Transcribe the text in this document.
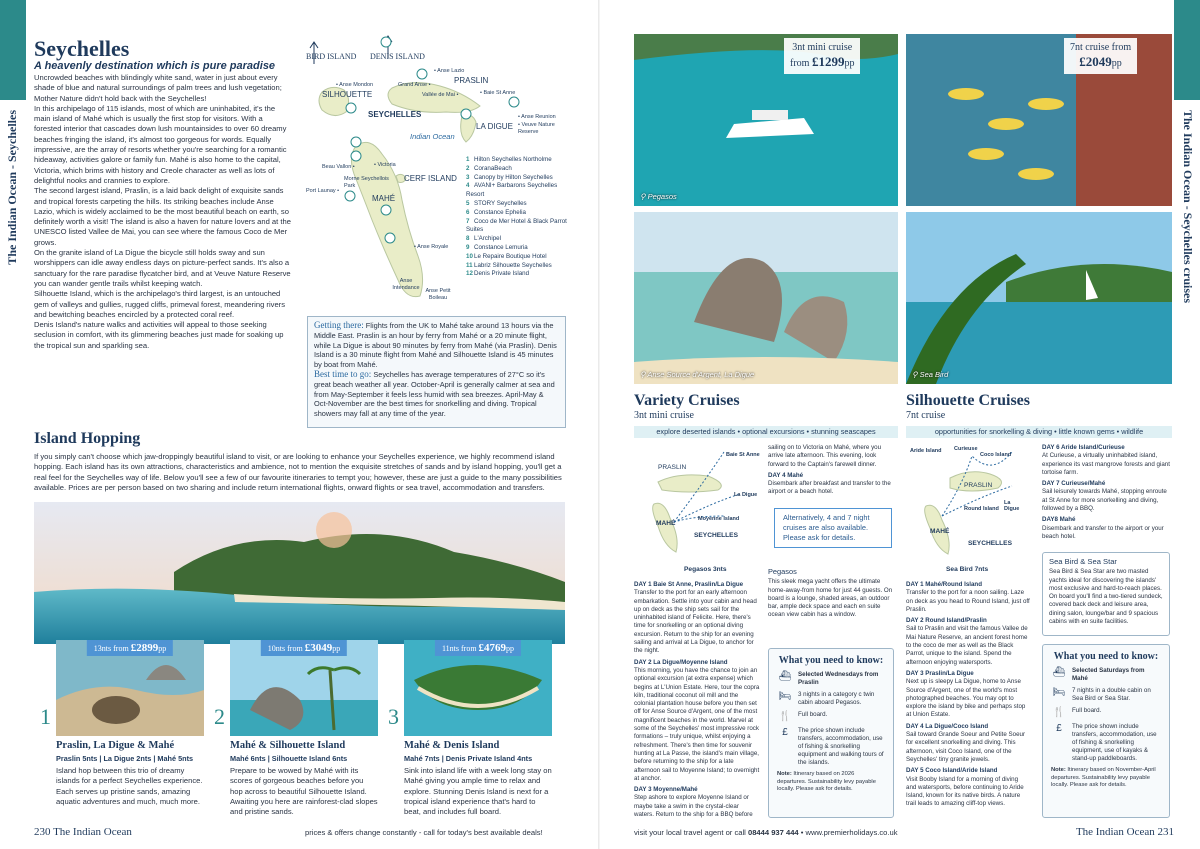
The Indian Ocean - Seychelles
Seychelles
A heavenly destination which is pure paradise

Uncrowded beaches with blindingly white sand, water in just about every shade of blue and natural surroundings of palm trees and lush vegetation; Mother Nature didn't hold back with the Seychelles!

In this archipelago of 115 islands, most of which are uninhabited, it's the main island of Mahé which is usually the first stop for visitors. With a forested interior that cascades down lush mountainsides to over 60 dreamy beaches fringing the island, it's almost too gorgeous for words. Equally impressive, are the array of resorts whether you're searching for a romantic hideaway, activities galore or family fun. Mahé is also home to the capital, Victoria, which brims with history and Creole character as well as lots of delightful nooks and crannies to explore.

The second largest island, Praslin, is a laid back delight of exquisite sands and tropical forests carpeting the hills. Its striking beaches include Anse Lazio, which is widely acclaimed to be the most beautiful beach on earth, so definitely worth a visit! The island is also a haven for nature lovers and at the UNESCO listed Vallee de Mai, you can see where the famous Coco de Mer grows.

On the granite island of La Digue the bicycle still holds sway and sun worshippers can idle away endless days on picture-perfect sands. It's also a sanctuary for the rare paradise flycatcher bird, and at Veuve Nature Reserve you can wander gentle trails whilst keeping watch.

Silhouette Island, which is the archipelago's third largest, is an untouched gem of valleys and gullies, rugged cliffs, primeval forest, meandering rivers and bewitching beaches encircled by a protected coral reef.

Denis Island's nature walks and activities will appeal to those seeking seclusion in comfort, with its glimmering beaches just made for soaking up the tropical sun and sparkling sea.

BIRD ISLAND DENIS ISLAND
SILHOUETTE
PRASLIN
SEYCHELLES
Indian Ocean
LA DIGUE
CERF ISLAND
MAHÉ
• Anse Mondon
• Anse Lazio
Grand Anse •
Vallée de Mai •	• Baie St Anne
• Anse Reunion
• Veuve Nature Reserve
Beau Vallon •	• Victoria
Morne Seychellois Park
Port Launay •
• Anse Royale
Anse Intendance	Anse Petit Boileau
1 Hilton Seychelles Northolme
2 CoranaBeach
3 Canopy by Hilton Seychelles
4 AVANI+ Barbarons Seychelles Resort
5 STORY Seychelles
6 Constance Ephelia
7 Coco de Mer Hotel & Black Parrot Suites
8 L'Archipel
9 Constance Lemuria
10Le Repaire Boutique Hotel
11Labriz Silhouette Seychelles
12Denis Private Island
Getting there: Flights from the UK to Mahé take around 13 hours via the Middle East. Praslin is an hour by ferry from Mahé or a 20 minute flight, while La Digue is about 90 minutes by ferry from Mahé (via Praslin). Denis Island is a 30 minute flight from Mahé and Silhouette Island is 45 minutes by boat from Mahé.
Best time to go: Seychelles has average temperatures of 27°C so it's great beach weather all year. October-April is generally calmer at sea and from May-September it feels less humid with sea breezes. April-May & Oct-November are the best times for snorkelling and diving. Tropical showers may fall at any time of the year.
Island Hopping
If you simply can't choose which jaw-droppingly beautiful island to visit, or are looking to enhance your Seychelles experience, we highly recommend island hopping. Each island has its own attractions, characteristics and ambience, not to mention the exquisite stretches of sands and by island hopping, you'll get a real feel for the Seychelles way of life. Below you'll see a few of our favourite itineraries to tempt you; however, these are just a guide to the many possibilities available. Prices are per person based on two sharing and include return international flights, onward flights or sea travel, accommodation and transfers.
13nts from £2899pp
1
Praslin, La Digue & Mahé
Praslin 5nts | La Digue 2nts | Mahé 5nts
Island hop between this trio of dreamy islands for a perfect Seychelles experience. Each serves up pristine sands, amazing aquatic adventures and much, much more.
10nts from £3049pp
2
Mahé & Silhouette Island
Mahé 6nts | Silhouette Island 6nts
Prepare to be wowed by Mahé with its scores of gorgeous beaches before you hop across to beautiful Silhouette Island. Awaiting you here are rainforest-clad slopes and pristine sands.
11nts from £4769pp
3
Mahé & Denis Island
Mahé 7nts | Denis Private Island 4nts
Sink into island life with a week long stay on Mahé giving you ample time to relax and explore. Stunning Denis Island is next for a tropical island experience that's hard to beat, and includes full board.
230 The Indian Ocean	prices & offers change constantly - call for today's best available deals!
The Indian Ocean - Seychelles cruises
3nt mini cruise
from £1299pp
⚲ Pegasos
7nt cruise from
£2049pp
⚲ Anse Source d'Argent, La Digue	⚲ Sea Bird
Variety Cruises
3nt mini cruise
explore deserted islands • optional excursions • stunning seascapes
PRASLIN
Baie St Anne
La Digue
MAHÉ
Moyenne Island
SEYCHELLES
Pegasos 3nts
DAY 1 Baie St Anne, Praslin/La Digue
Transfer to the port for an early afternoon embarkation. Settle into your cabin and head up on deck as the ship sets sail for the uninhabited island of Felicite. Here, there's time for snorkelling or an optional diving excursion. Return to the ship for an evening sailing and arrival at La Digue, to anchor for the night.
DAY 2 La Digue/Moyenne Island
This morning, you have the chance to join an optional excursion (at extra expense) which begins at L'Union Estate. Here, tour the copra kiln, traditional coconut oil mill and the colonial plantation house before you then set off for Anse Source d'Argent, one of the most magnificent beaches in the world. Marvel at some of the Seychelles' most impressive rock formations – truly unique, whilst enjoying a refreshment. There's then time for souvenir hunting at La Passe, the island's main village, before returning to the ship for a late afternoon sail to Moyenne Island; to overnight at anchor.
DAY 3 Moyenne/Mahé
Step ashore to explore Moyenne Island or maybe take a swim in the crystal-clear waters. Return to the ship for a BBQ before
sailing on to Victoria on Mahé, where you arrive late afternoon. This evening, look forward to the Captain's farewell dinner.
DAY 4 Mahé
Disembark after breakfast and transfer to the airport or a beach hotel.
Alternatively, 4 and 7 night cruises are also available. Please ask for details.
Pegasos
This sleek mega yacht offers the ultimate home-away-from home for just 44 guests. On board is a lounge, shaded areas, an outdoor bar, ample deck space and each en suite ocean view cabin has a window.
What you need to know:
⛴ Selected Wednesdays from Praslin
🛏 3 nights in a category c twin cabin aboard Pegasos.
🍴 Full board.
£	The price shown include transfers, accommodation, use of fishing & snorkelling equipment and walking tours of the islands.
Note: Itinerary based on 2026 departures. Sustainability levy payable locally. Please ask for details.
Silhouette Cruises
7nt cruise
opportunities for snorkelling & diving • little known gems • wildlife
Aride Island Curieuse
Coco Island
PRASLIN
Round Island
La Digue
MAHÉ
SEYCHELLES
Sea Bird 7nts
DAY 1 Mahé/Round Island
Transfer to the port for a noon sailing. Laze on deck as you head to Round Island, just off Praslin.
DAY 2 Round Island/Praslin
Sail to Praslin and visit the famous Vallee de Mai Nature Reserve, an ancient forest home to the coco de mer as well as the Black Parrot, unique to the island. Spend the afternoon enjoying watersports.
DAY 3 Praslin/La Digue
Next up is sleepy La Digue, home to Anse Source d'Argent, one of the world's most photographed beaches. You may opt to explore the island by bike and perhaps stop at Union Estate.
DAY 4 La Digue/Coco Island
Sail toward Grande Soeur and Petite Soeur for excellent snorkelling and diving. This afternoon, visit Coco Island, one of the Seychelles' tiny granite jewels.
DAY 5 Coco Island/Aride Island
Visit Booby Island for a morning of diving and watersports, before continuing to Aride Island, known for its native birds. A nature trail leads to amazing cliff-top views.
DAY 6 Aride Island/Curieuse
At Curieuse, a virtually uninhabited island, experience its vast mangrove forests and giant tortoise farm.
DAY 7 Curieuse/Mahé
Sail leisurely towards Mahé, stopping enroute at St Anne for more snorkelling and diving, followed by a BBQ.
DAY8 Mahé
Disembark and transfer to the airport or your beach hotel.
Sea Bird & Sea Star
Sea Bird & Sea Star are two masted yachts ideal for discovering the islands' most exclusive and hard-to-reach places. On board you'll find a two-tiered sundeck, covered back deck and leisure area, dining salon, lounge/bar and 9 spacious cabins with en suite facilities.
What you need to know:
⛴ Selected Saturdays from Mahé
🛏 7 nights in a double cabin on Sea Bird or Sea Star.
🍴 Full board.
£	The price shown include transfers, accommodation, use of fishing & snorkelling equipment, use of kayaks & stand-up paddleboards.
Note: Itinerary based on November-April departures. Sustainability levy payable locally. Please ask for details.
visit your local travel agent or call 08444 937 444 • www.premierholidays.co.uk	The Indian Ocean 231
